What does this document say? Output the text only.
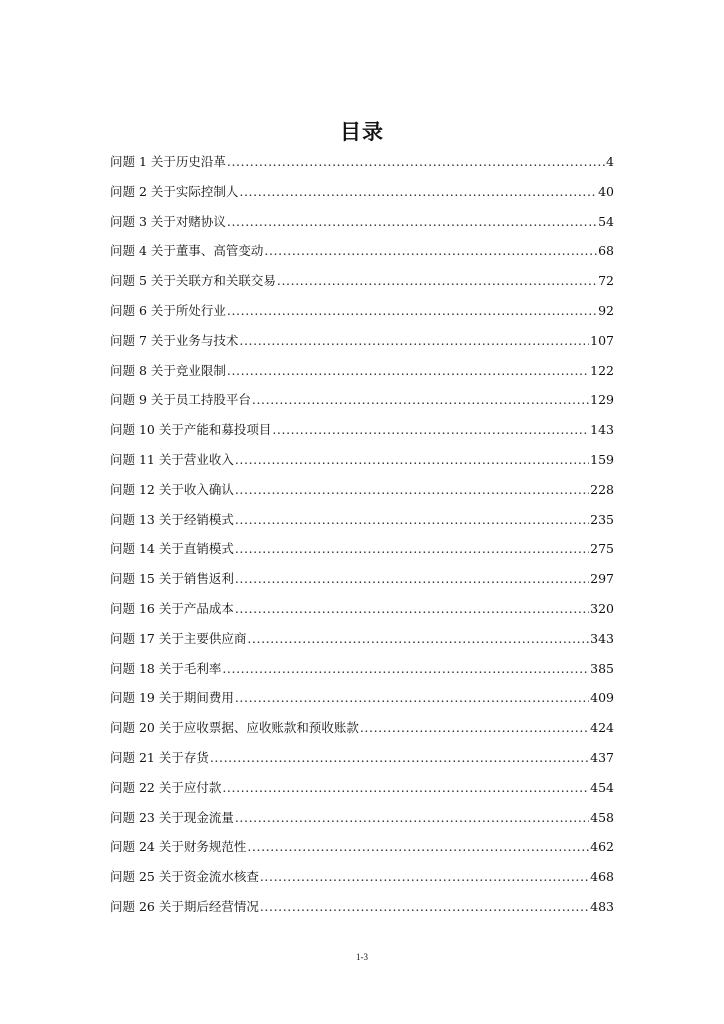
目录
问题 1 关于历史沿革 .....	4
问题 2 关于实际控制人 .....	40
问题 3 关于对赌协议 .....	54
问题 4 关于董事、高管变动 .....	68
问题 5 关于关联方和关联交易 .....	72
问题 6 关于所处行业 .....	92
问题 7 关于业务与技术 .....	107
问题 8 关于竞业限制 .....	122
问题 9 关于员工持股平台 .....	129
问题 10 关于产能和募投项目 .....	143
问题 11 关于营业收入 .....	159
问题 12 关于收入确认 .....	228
问题 13 关于经销模式 .....	235
问题 14 关于直销模式 .....	275
问题 15 关于销售返利 .....	297
问题 16 关于产品成本 .....	320
问题 17 关于主要供应商 .....	343
问题 18 关于毛利率 .....	385
问题 19 关于期间费用 .....	409
问题 20 关于应收票据、应收账款和预收账款 .....	424
问题 21 关于存货 .....	437
问题 22 关于应付款 .....	454
问题 23 关于现金流量 .....	458
问题 24 关于财务规范性 .....	462
问题 25 关于资金流水核查 .....	468
问题 26 关于期后经营情况 .....	483
1-3
